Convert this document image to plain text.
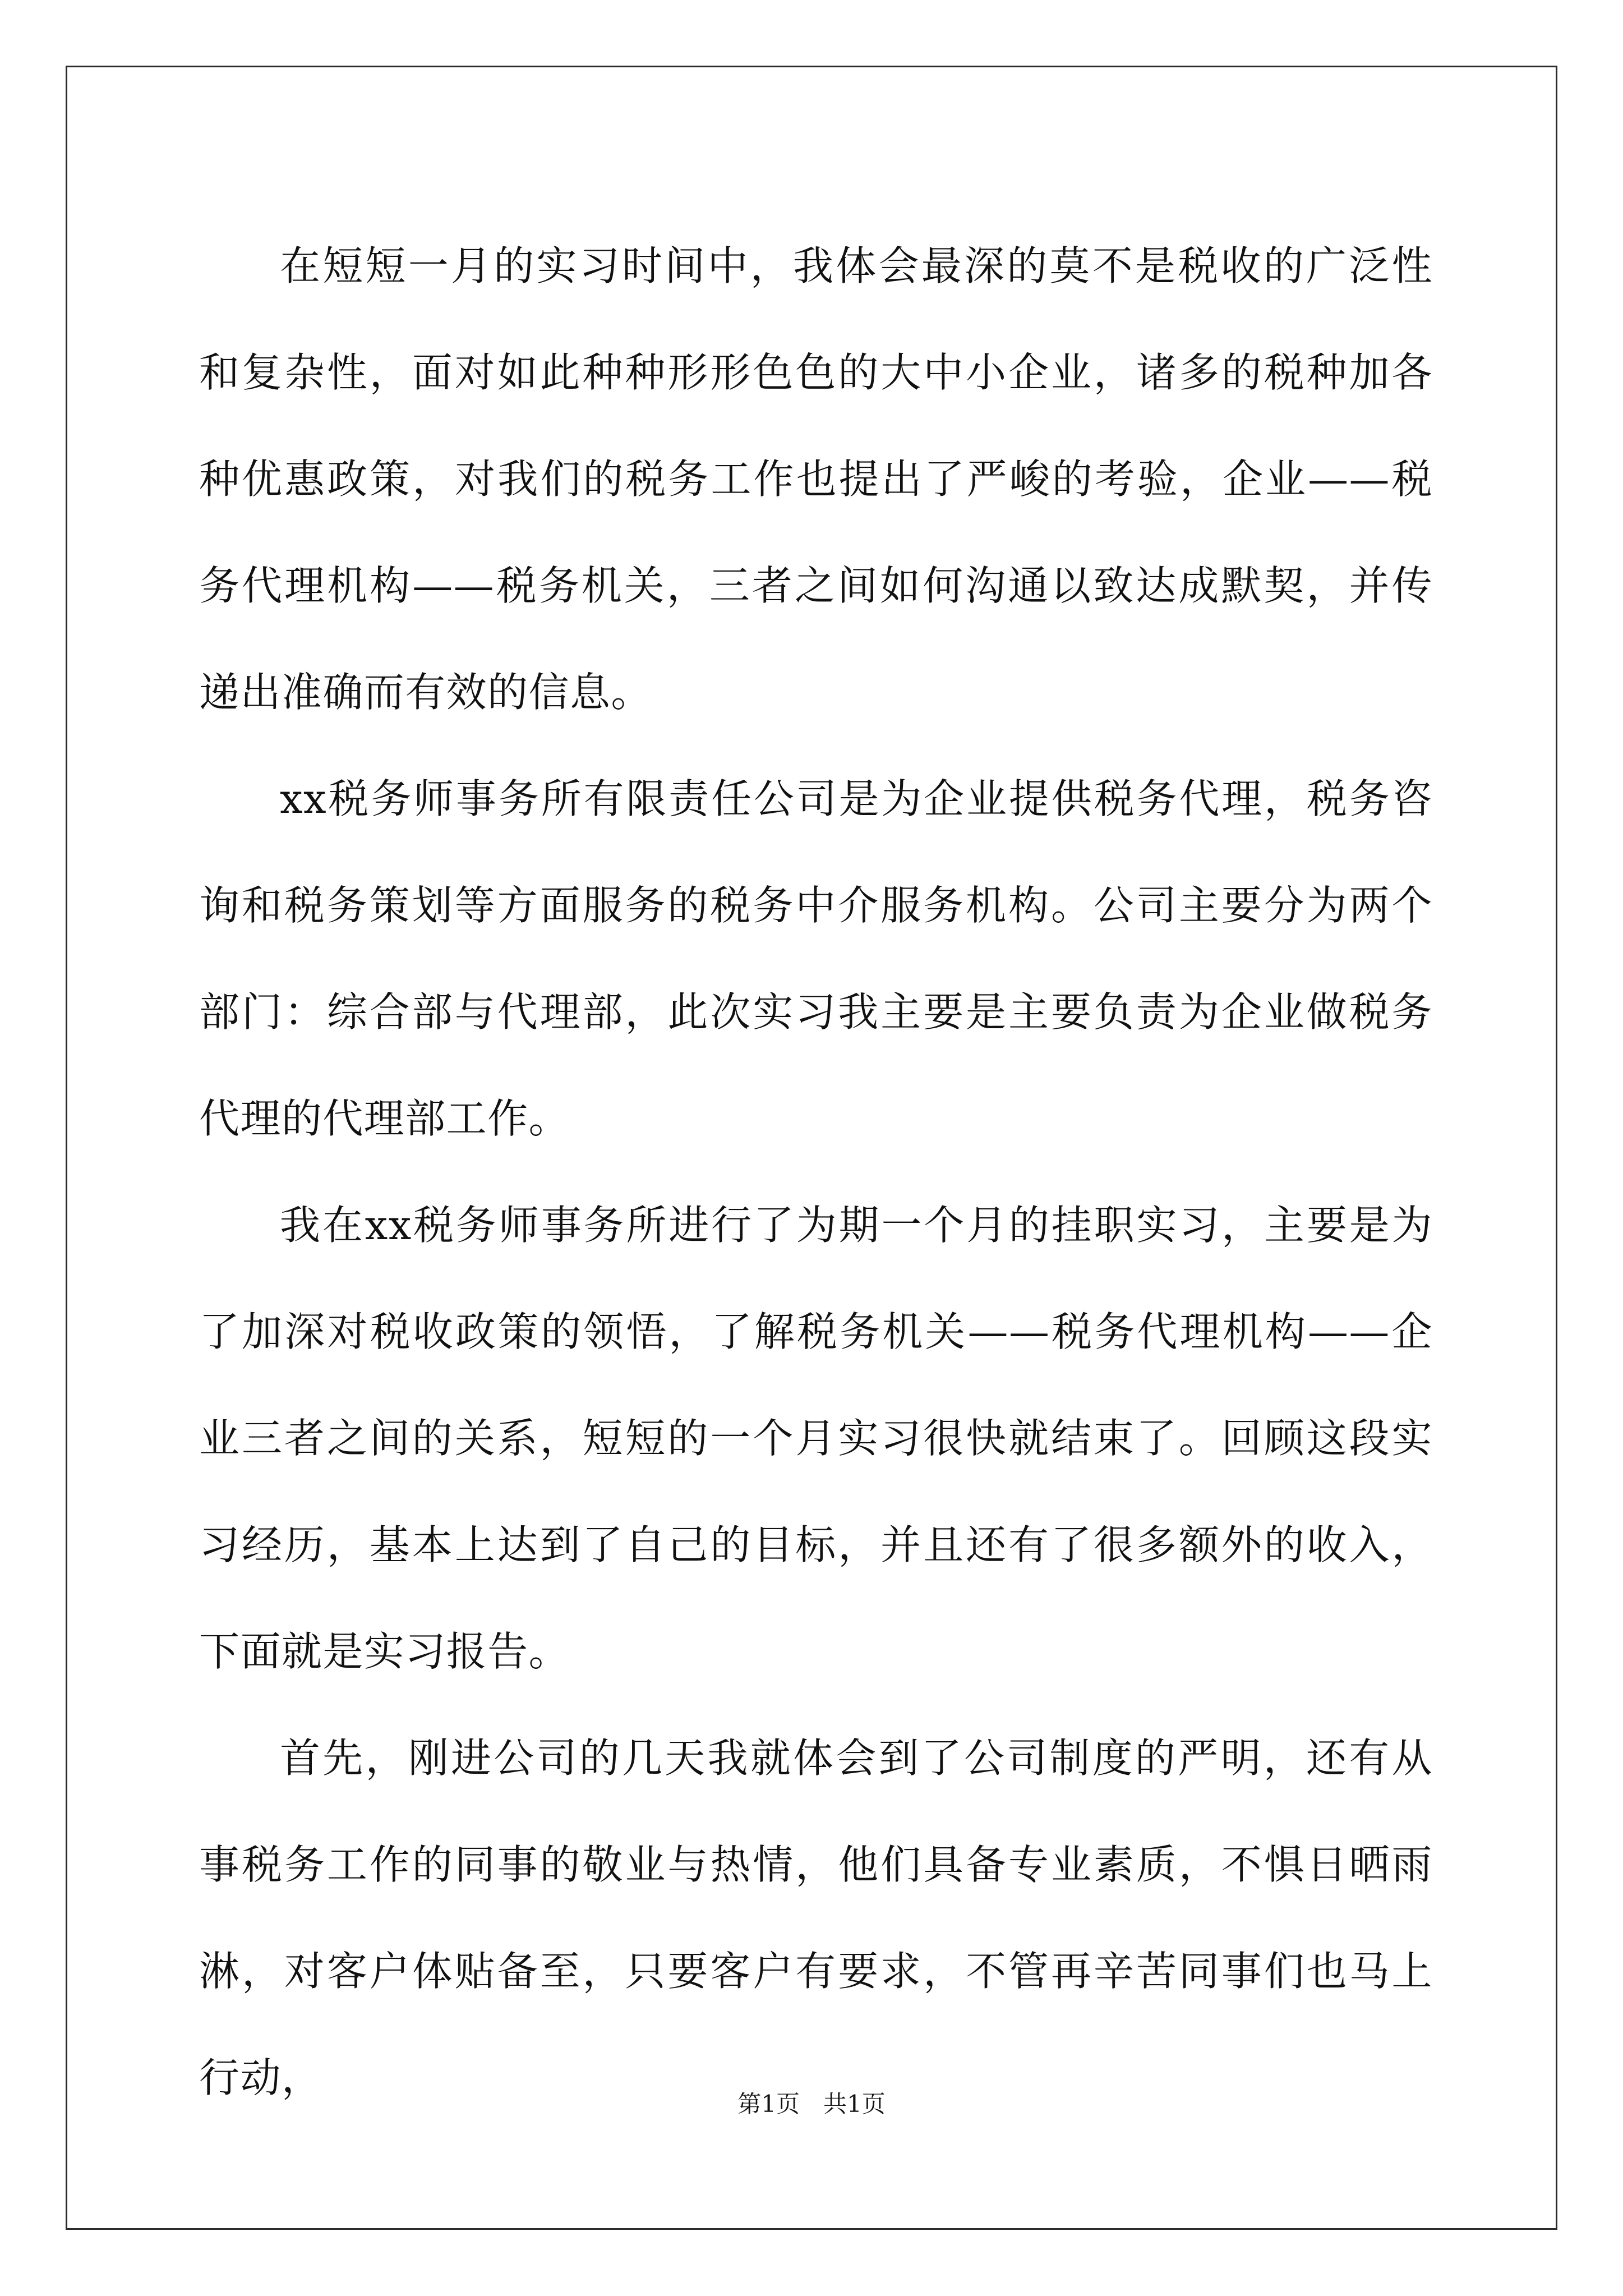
在短短一月的实习时间中，我体会最深的莫不是税收的广泛性和复杂性，面对如此种种形形色色的大中小企业，诸多的税种加各种优惠政策，对我们的税务工作也提出了严峻的考验，企业——税务代理机构——税务机关，三者之间如何沟通以致达成默契，并传递出准确而有效的信息。

xx税务师事务所有限责任公司是为企业提供税务代理，税务咨询和税务策划等方面服务的税务中介服务机构。公司主要分为两个部门：综合部与代理部，此次实习我主要是主要负责为企业做税务代理的代理部工作。

我在xx税务师事务所进行了为期一个月的挂职实习，主要是为了加深对税收政策的领悟，了解税务机关——税务代理机构——企业三者之间的关系，短短的一个月实习很快就结束了。回顾这段实习经历，基本上达到了自己的目标，并且还有了很多额外的收入，下面就是实习报告。

首先，刚进公司的几天我就体会到了公司制度的严明，还有从事税务工作的同事的敬业与热情，他们具备专业素质，不惧日晒雨淋，对客户体贴备至，只要客户有要求，不管再辛苦同事们也马上行动，

第1页　共1页
